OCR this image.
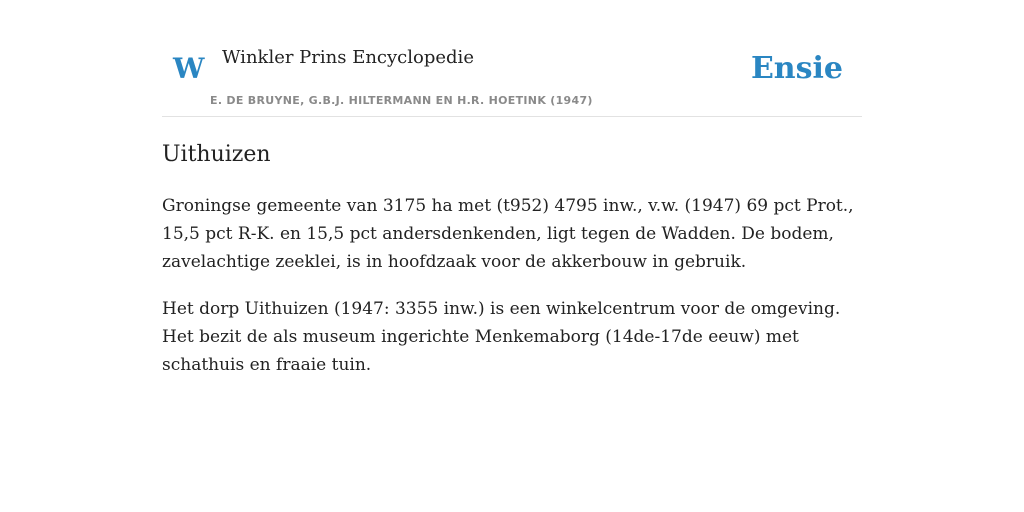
W Winkler Prins Encyclopedie
E. DE BRUYNE, G.B.J. HILTERMANN EN H.R. HOETINK (1947)
Ensie
Uithuizen

Groningse gemeente van 3175 ha met (t952) 4795 inw., v.w. (1947) 69 pct Prot., 15,5 pct R-K. en 15,5 pct andersdenkenden, ligt tegen de Wadden. De bodem, zavelachtige zeeklei, is in hoofdzaak voor de akkerbouw in gebruik.

Het dorp Uithuizen (1947: 3355 inw.) is een winkelcentrum voor de omgeving. Het bezit de als museum ingerichte Menkemaborg (14de-17de eeuw) met schathuis en fraaie tuin.
